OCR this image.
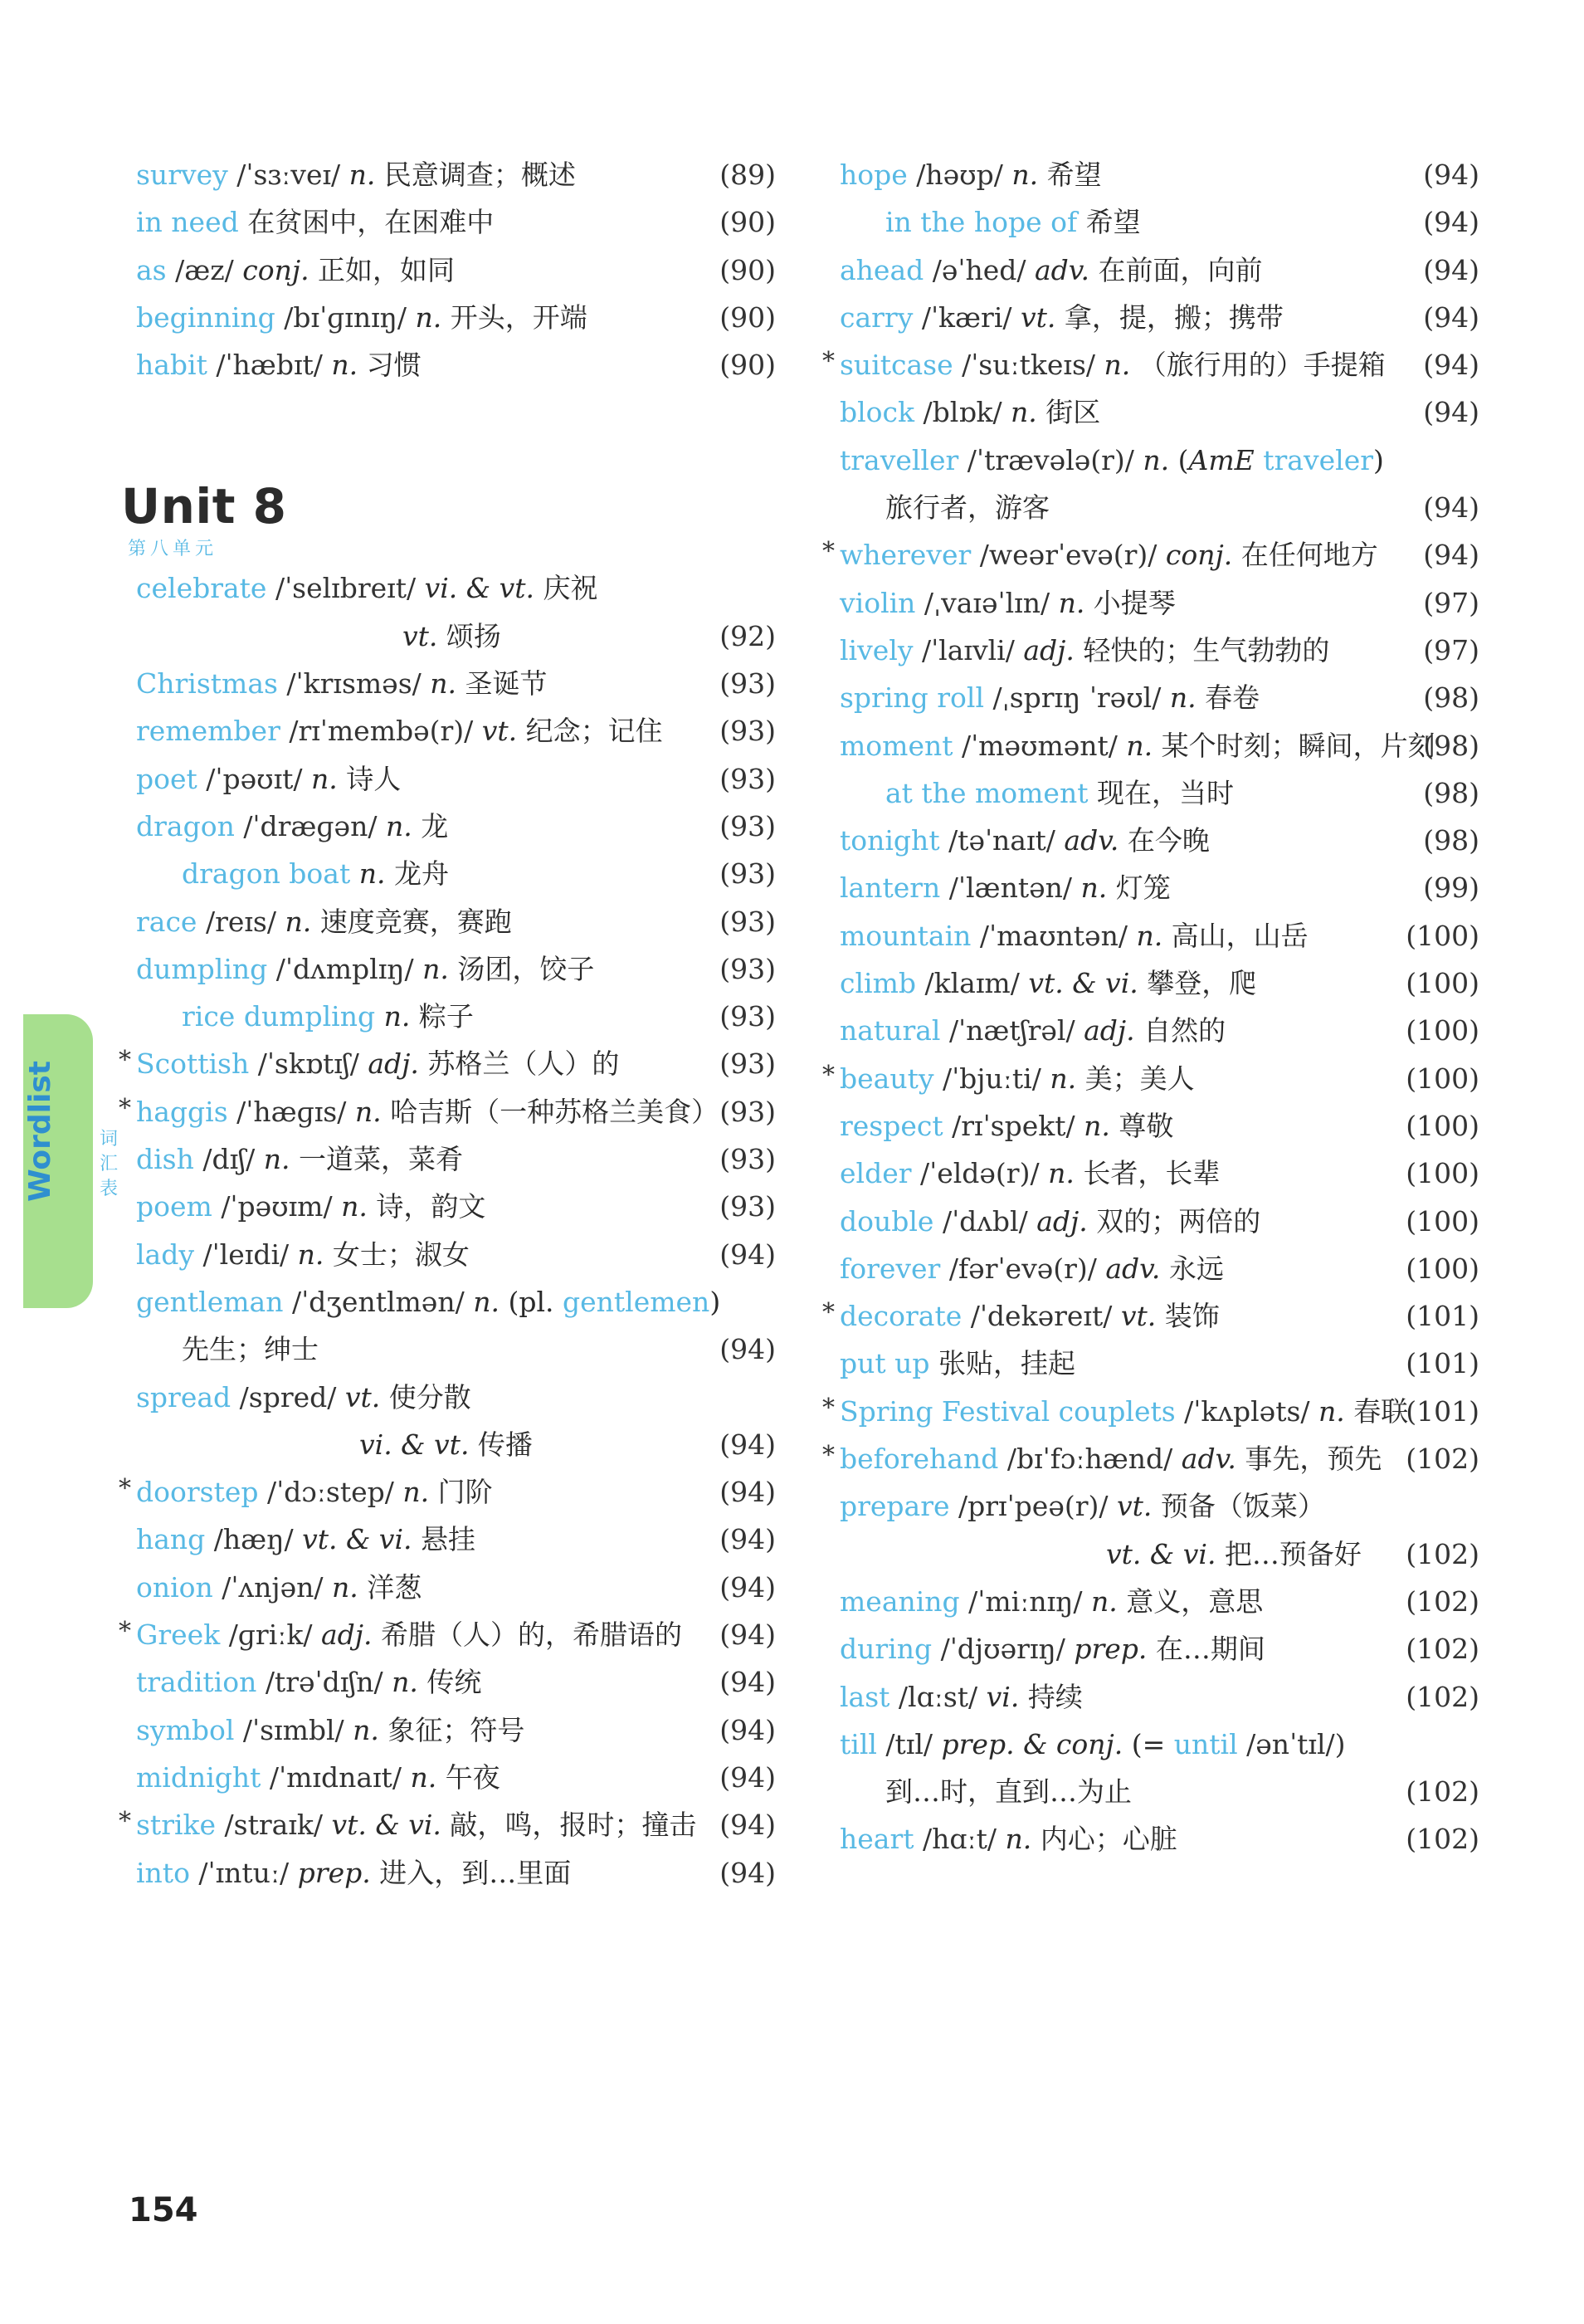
Wordlist 词汇表
survey /ˈsɜːveɪ/ n. 民意调查；概述	(89)
in need 在贫困中，在困难中	(90)
as /æz/ conj. 正如，如同	(90)
beginning /bɪˈɡɪnɪŋ/ n. 开头，开端	(90)
habit /ˈhæbɪt/ n. 习惯	(90)
Unit 8
第八单元
celebrate /ˈselɪbreɪt/ vi. & vt. 庆祝
vt. 颂扬	(92)
Christmas /ˈkrɪsməs/ n. 圣诞节	(93)
remember /rɪˈmembə(r)/ vt. 纪念；记住 (93)
poet /ˈpəʊɪt/ n. 诗人	(93)
dragon /ˈdræɡən/ n. 龙	(93)
dragon boat n. 龙舟	(93)
race /reɪs/ n. 速度竞赛，赛跑	(93)
dumpling /ˈdʌmplɪŋ/ n. 汤团，饺子	(93)
rice dumpling n. 粽子	(93)
* Scottish /ˈskɒtɪʃ/ adj. 苏格兰（人）的	(93)
* haggis /ˈhæɡɪs/ n. 哈吉斯（一种苏格兰美食） (93)
dish /dɪʃ/ n. 一道菜，菜肴	(93)
poem /ˈpəʊɪm/ n. 诗，韵文	(93)
lady /ˈleɪdi/ n. 女士；淑女	(94)
gentleman /ˈdʒentlmən/ n. (pl. gentlemen)
先生；绅士	(94)
spread /spred/ vt. 使分散
vi. & vt. 传播	(94)
* doorstep /ˈdɔːstep/ n. 门阶	(94)
hang /hæŋ/ vt. & vi. 悬挂	(94)
onion /ˈʌnjən/ n. 洋葱	(94)
* Greek /ɡriːk/ adj. 希腊（人）的，希腊语的 (94)
tradition /trəˈdɪʃn/ n. 传统	(94)
symbol /ˈsɪmbl/ n. 象征；符号	(94)
midnight /ˈmɪdnaɪt/ n. 午夜	(94)
* strike /straɪk/ vt. & vi. 敲，鸣，报时；撞击 (94)
into /ˈɪntuː/ prep. 进入，到…里面	(94)
hope /həʊp/ n. 希望	(94)
in the hope of 希望	(94)
ahead /əˈhed/ adv. 在前面，向前	(94)
carry /ˈkæri/ vt. 拿，提，搬；携带	(94)
* suitcase /ˈsuːtkeɪs/ n. （旅行用的）手提箱 (94)
block /blɒk/ n. 街区	(94)
traveller /ˈtrævələ(r)/ n. (AmE traveler)
旅行者，游客	(94)
* wherever /weərˈevə(r)/ conj. 在任何地方 (94)
violin /ˌvaɪəˈlɪn/ n. 小提琴	(97)
lively /ˈlaɪvli/ adj. 轻快的；生气勃勃的	(97)
spring roll /ˌsprɪŋ ˈrəʊl/ n. 春卷	(98)
moment /ˈməʊmənt/ n. 某个时刻；瞬间，片刻
(98)
at the moment 现在，当时	(98)
tonight /təˈnaɪt/ adv. 在今晚	(98)
lantern /ˈlæntən/ n. 灯笼	(99)
mountain /ˈmaʊntən/ n. 高山，山岳	(100)
climb /klaɪm/ vt. & vi. 攀登，爬	(100)
natural /ˈnætʃrəl/ adj. 自然的	(100)
* beauty /ˈbjuːti/ n. 美；美人	(100)
respect /rɪˈspekt/ n. 尊敬	(100)
elder /ˈeldə(r)/ n. 长者，长辈	(100)
double /ˈdʌbl/ adj. 双的；两倍的	(100)
forever /fərˈevə(r)/ adv. 永远	(100)
* decorate /ˈdekəreɪt/ vt. 装饰	(101)
put up 张贴，挂起	(101)
* Spring Festival couplets /ˈkʌpləts/ n. 春联
(101)
* beforehand /bɪˈfɔːhænd/ adv. 事先，预先 (102)
prepare /prɪˈpeə(r)/ vt. 预备（饭菜）
vt. & vi. 把…预备好 (102)
meaning /ˈmiːnɪŋ/ n. 意义，意思	(102)
during /ˈdjʊərɪŋ/ prep. 在…期间	(102)
last /lɑːst/ vi. 持续	(102)
till /tɪl/ prep. & conj. (= until /ənˈtɪl/)
到…时，直到…为止	(102)
heart /hɑːt/ n. 内心；心脏	(102)
154
